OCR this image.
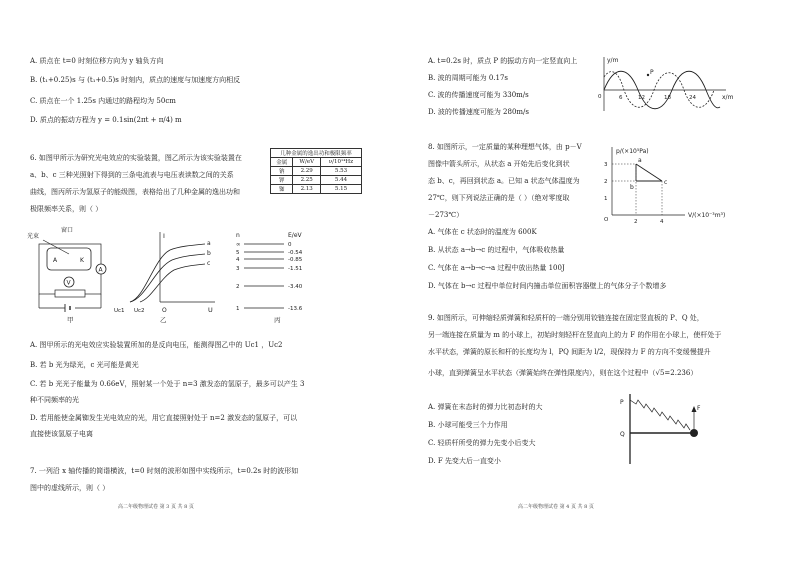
A. 质点在 t=0 时刻位移方向为 y 轴负方向
B. (t₁+0.25)s 与 (t₁+0.5)s 时刻内，质点的速度与加速度方向相反
C. 质点在一个 1.25s 内通过的路程均为 50cm
D. 质点的振动方程为 y = 0.1sin(2πt + π/4) m
6. 如图甲所示为研究光电效应的实验装置，图乙所示为该实验装置在
a、b、c 三种光照射下得到的三条电流表与电压表读数之间的关系
曲线，图丙所示为氢原子的能级图，表格给出了几种金属的逸出功和
极限频率关系，则（ ）
几种金属的逸出功和极限频率		
金属	W/eV	ν/10¹⁴Hz
钠	2.29	5.53
钾	2.25	5.44
铷	2.13	5.15
光束
窗口
A	K
V
A
甲
I
U
O
a
b
c
Uc1 Uc2
乙
n	E/eV
丙
∞	0
5	-0.54
4	-0.85
3	-1.51
2	-3.40
1	-13.6
A. 图甲所示的光电效应实验装置所加的是反向电压，能测得图乙中的 Uc1 ，Uc2
B. 若 b 光为绿光，c 光可能是黄光
C. 若 b 光光子能量为 0.66eV，照射某一个处于 n=3 激发态的氢原子，最多可以产生 3
种不同频率的光
D. 若用能使金属铷发生光电效应的光，用它直接照射处于 n=2 激发态的氢原子，可以
直接使该氢原子电离
7. 一列沿 x 轴传播的简谐横波，t=0 时刻的波形如图中实线所示，t=0.2s 时的波形如
图中的虚线所示，则（ ）
高二年级物理试卷 第 3 页 共 8 页
A. t=0.2s 时，质点 P 的振动方向一定竖直向上
B. 波的周期可能为 0.17s
C. 波的传播速度可能为 330m/s
D. 波的传播速度可能为 280m/s
y/m
x/m
0
P
6	12	18	24
8. 如图所示，一定质量的某种理想气体，由 p－V
图像中箭头所示，从状态 a 开始先后变化到状
态 b、c，再回到状态 a。已知 a 状态气体温度为
27℃，则下列说法正确的是（ ）（绝对零度取
－273℃）
p/(×10⁵Pa)
V/(×10⁻³m³)
O
3
2
1
2	4
a
b
c
A. 气体在 c 状态时的温度为 600K
B. 从状态 a→b→c 的过程中，气体吸收热量
C. 气体在 a→b→c→a 过程中放出热量 100J
D. 气体在 b→c 过程中单位时间内撞击单位面积容器壁上的气体分子个数增多
9. 如图所示，可伸缩轻质弹簧和轻质杆的一端分别用铰链连接在固定竖直板的 P、Q 处，
另一端连接在质量为 m 的小球上，初始时刻轻杆在竖直向上的力 F 的作用在小球上，使杆处于
水平状态，弹簧的原长和杆的长度均为 l，PQ 间距为 l/2，现保持力 F 的方向不变缓慢提升
小球，直到弹簧呈水平状态（弹簧始终在弹性限度内），则在这个过程中（√5=2.236）
A. 弹簧在末态时的弹力比初态时的大
B. 小球可能受三个力作用
C. 轻质杆所受的弹力先变小后变大
D. F 先变大后一直变小
P
Q
F
高二年级物理试卷 第 4 页 共 8 页
